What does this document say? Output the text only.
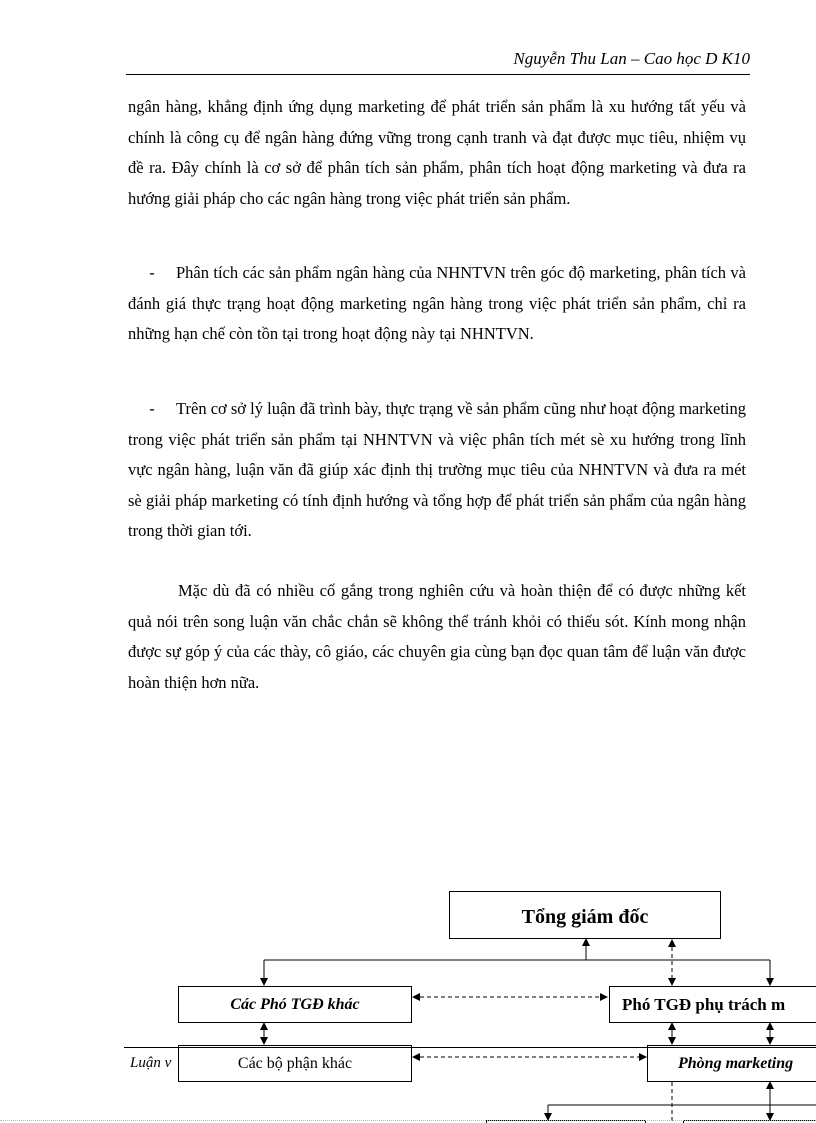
Nguyễn Thu Lan – Cao học D K10

ngân hàng, khẳng định ứng dụng marketing để phát triển sản phẩm là xu hướng tất yếu và chính là công cụ để ngân hàng đứng vững trong cạnh tranh và đạt được mục tiêu, nhiệm vụ đề ra. Đây chính là cơ sở để phân tích sản phẩm, phân tích hoạt động marketing và đưa ra hướng giải pháp cho các ngân hàng trong việc phát triển sản phẩm.

- Phân tích các sản phẩm ngân hàng của NHNTVN trên góc độ marketing, phân tích và đánh giá thực trạng hoạt động marketing ngân hàng trong việc phát triển sản phẩm, chỉ ra những hạn chế còn tồn tại trong hoạt động này tại NHNTVN.

- Trên cơ sở lý luận đã trình bày, thực trạng về sản phẩm cũng như hoạt động marketing trong việc phát triển sản phẩm tại NHNTVN và việc phân tích mét sè xu hướng trong lĩnh vực ngân hàng, luận văn đã giúp xác định thị trường mục tiêu của NHNTVN và đưa ra mét sè giải pháp marketing có tính định hướng và tổng hợp để phát triển sản phẩm của ngân hàng trong thời gian tới.

Mặc dù đã có nhiều cố gắng trong nghiên cứu và hoàn thiện để có được những kết quả nói trên song luận văn chắc chắn sẽ không thể tránh khỏi có thiếu sót. Kính mong nhận được sự góp ý của các thày, cô giáo, các chuyên gia cùng bạn đọc quan tâm để luận văn được hoàn thiện hơn nữa.

Tổng giám đốc
Các Phó TGĐ khác	Phó TGĐ phụ trách m
Các bộ phận khác	Phòng marketing
Luận v
